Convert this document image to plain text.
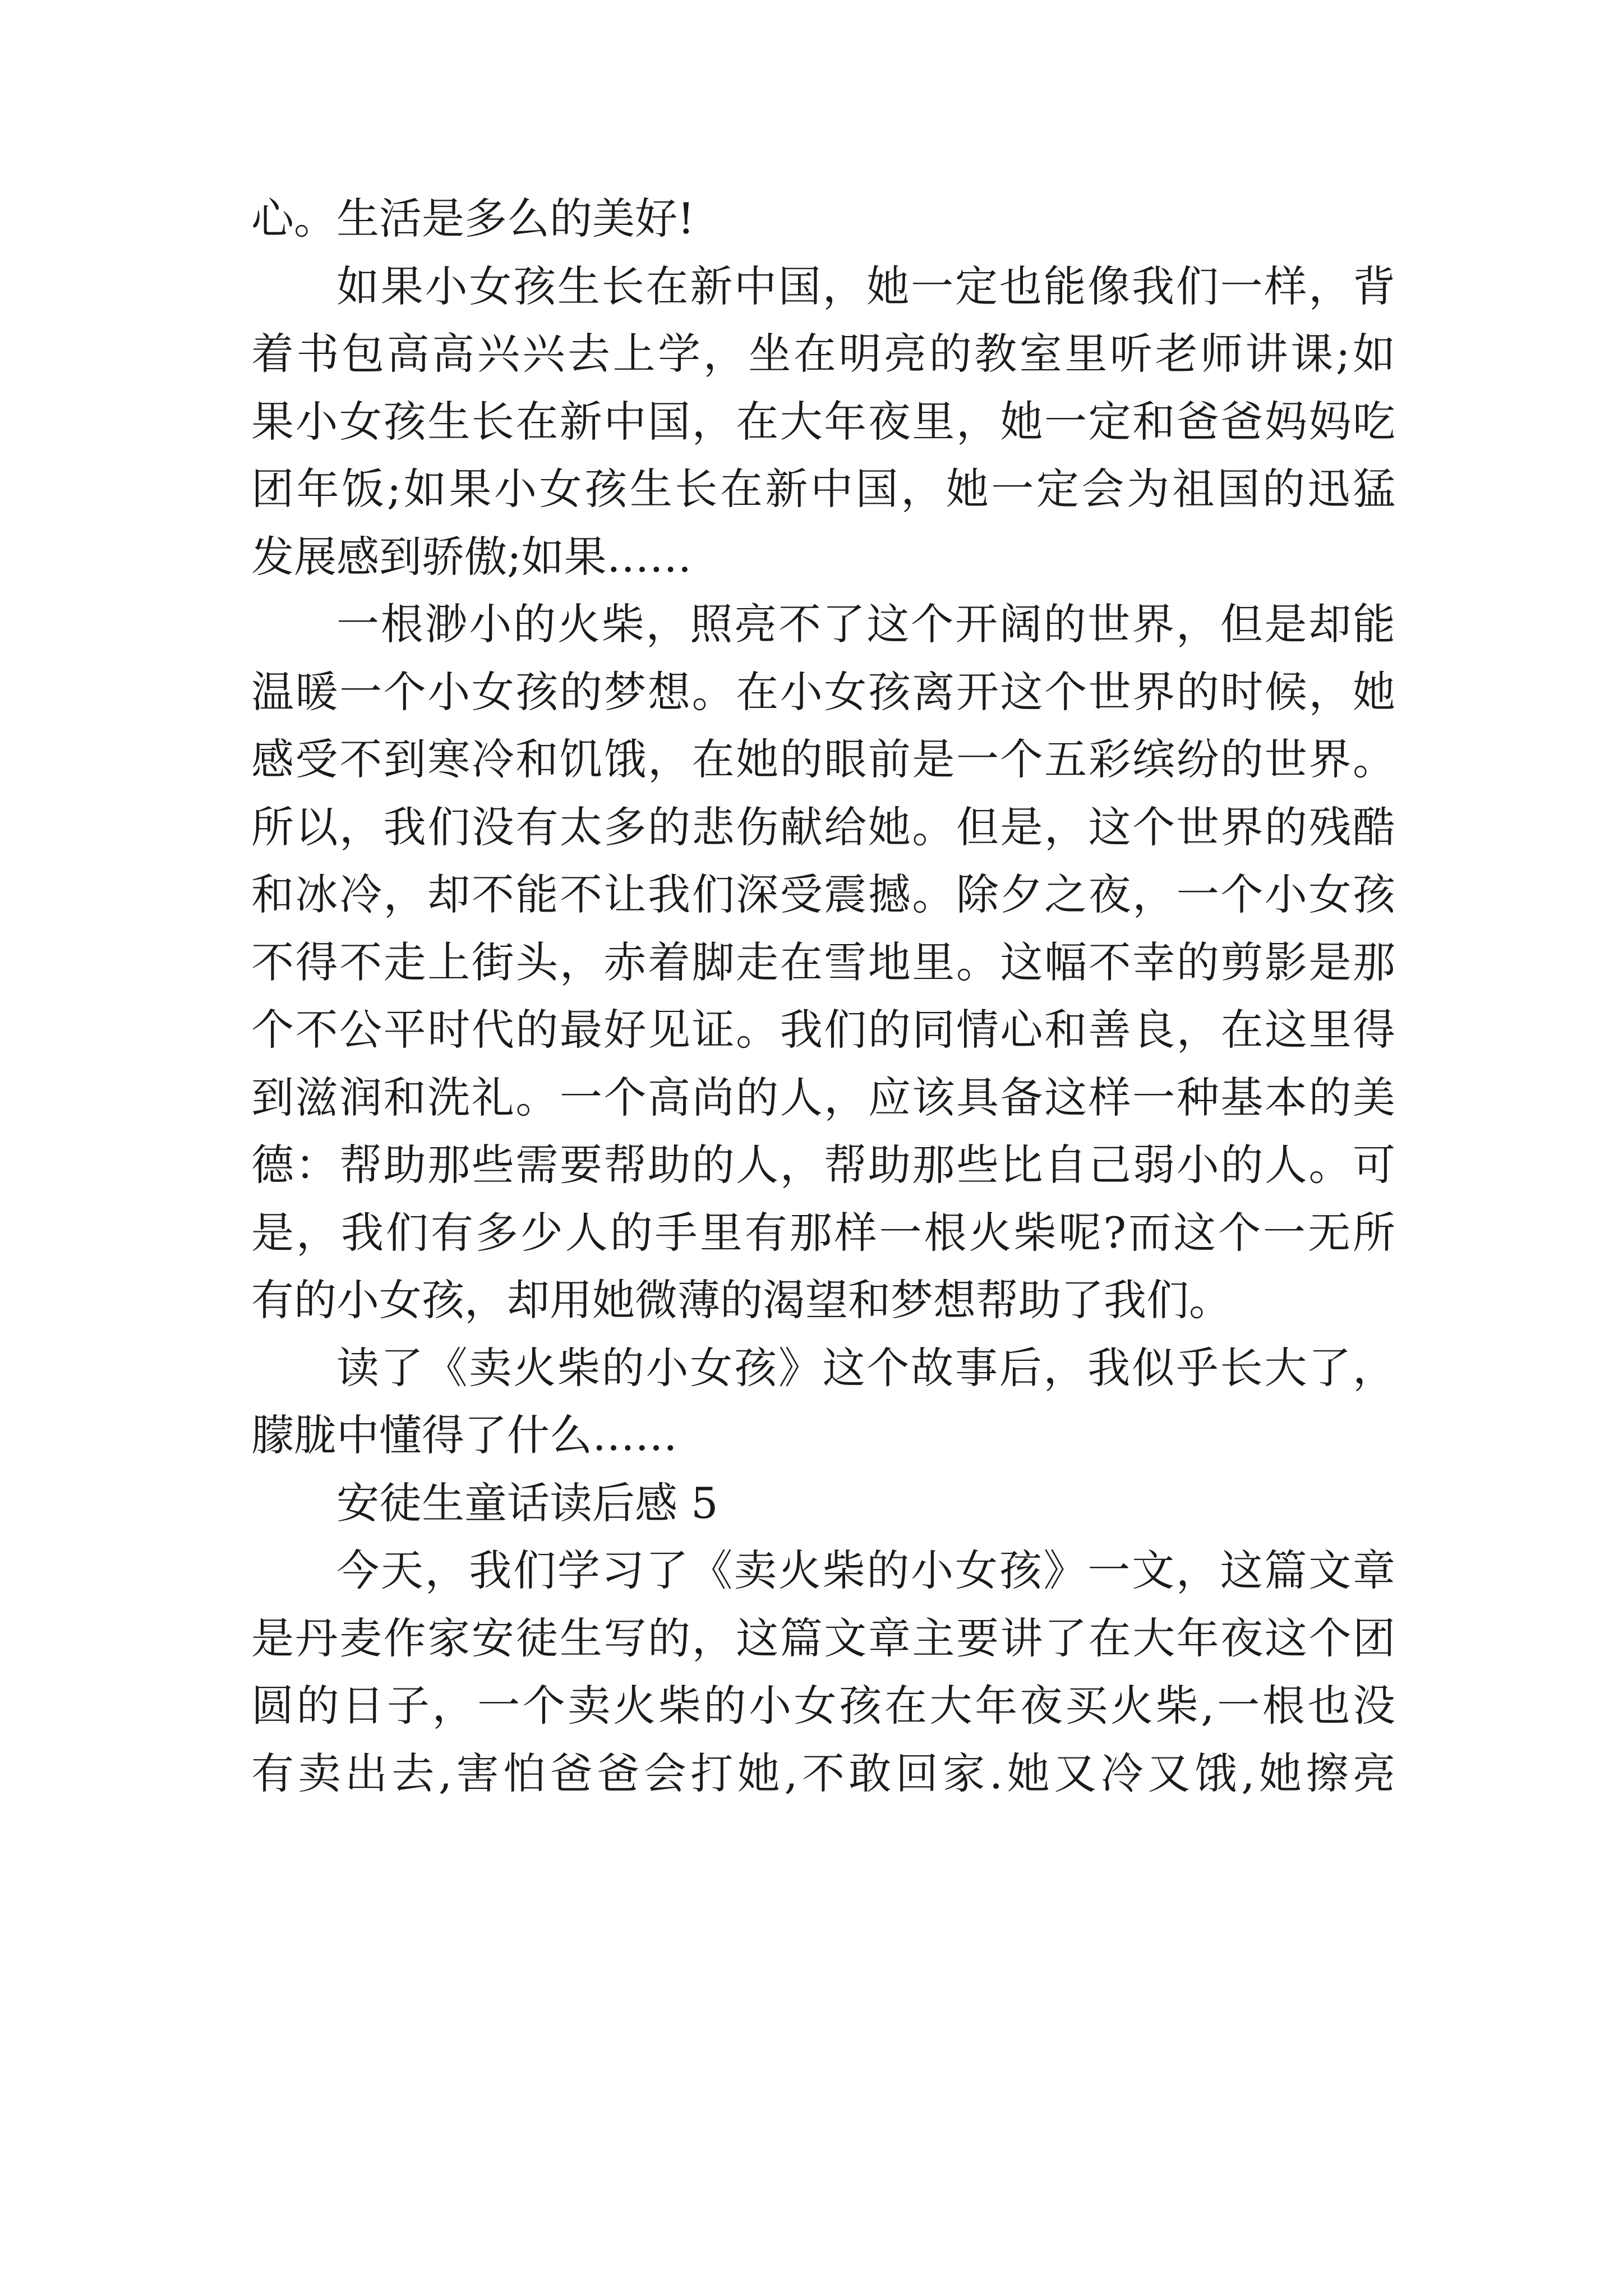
心。生活是多么的美好!
如果小女孩生长在新中国，她一定也能像我们一样，背
着书包高高兴兴去上学，坐在明亮的教室里听老师讲课;如
果小女孩生长在新中国，在大年夜里，她一定和爸爸妈妈吃
团年饭;如果小女孩生长在新中国，她一定会为祖国的迅猛
发展感到骄傲;如果……
一根渺小的火柴，照亮不了这个开阔的世界，但是却能
温暖一个小女孩的梦想。在小女孩离开这个世界的时候，她
感受不到寒冷和饥饿，在她的眼前是一个五彩缤纷的世界。
所以，我们没有太多的悲伤献给她。但是，这个世界的残酷
和冰冷，却不能不让我们深受震撼。除夕之夜，一个小女孩
不得不走上街头，赤着脚走在雪地里。这幅不幸的剪影是那
个不公平时代的最好见证。我们的同情心和善良，在这里得
到滋润和洗礼。一个高尚的人，应该具备这样一种基本的美
德：帮助那些需要帮助的人，帮助那些比自己弱小的人。可
是，我们有多少人的手里有那样一根火柴呢?而这个一无所
有的小女孩，却用她微薄的渴望和梦想帮助了我们。
读了《卖火柴的小女孩》这个故事后，我似乎长大了，
朦胧中懂得了什么……
安徒生童话读后感 5
今天，我们学习了《卖火柴的小女孩》一文，这篇文章
是丹麦作家安徒生写的，这篇文章主要讲了在大年夜这个团
圆的日子，一个卖火柴的小女孩在大年夜买火柴,一根也没
有卖出去,害怕爸爸会打她,不敢回家.她又冷又饿,她擦亮
